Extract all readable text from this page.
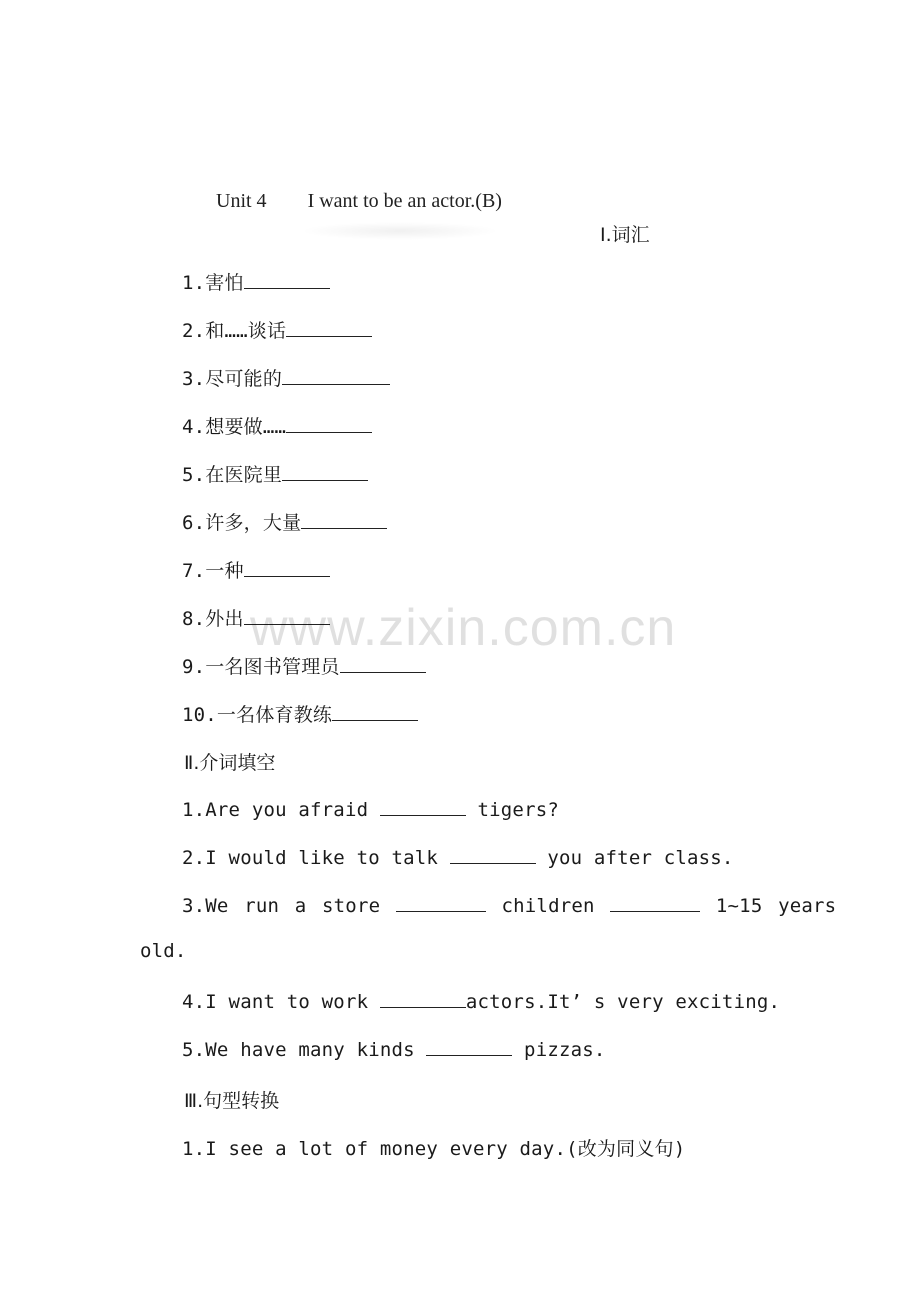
Unit 4 I want to be an actor.(B)
Ⅰ.词汇
1.害怕
2.和……谈话
3.尽可能的
4.想要做……
5.在医院里
6.许多，大量
7.一种
8.外出
9.一名图书管理员
10.一名体育教练
www.zixin.com.cn
Ⅱ.介词填空
1.Are you afraid	tigers?
2.I would like to talk	you after class.
3.We run a store	children	1~15 years
old.
4.I want to work	actors.It’ s very exciting.
5.We have many kinds	pizzas.
Ⅲ.句型转换
1.I see a lot of money every day.(改为同义句)
